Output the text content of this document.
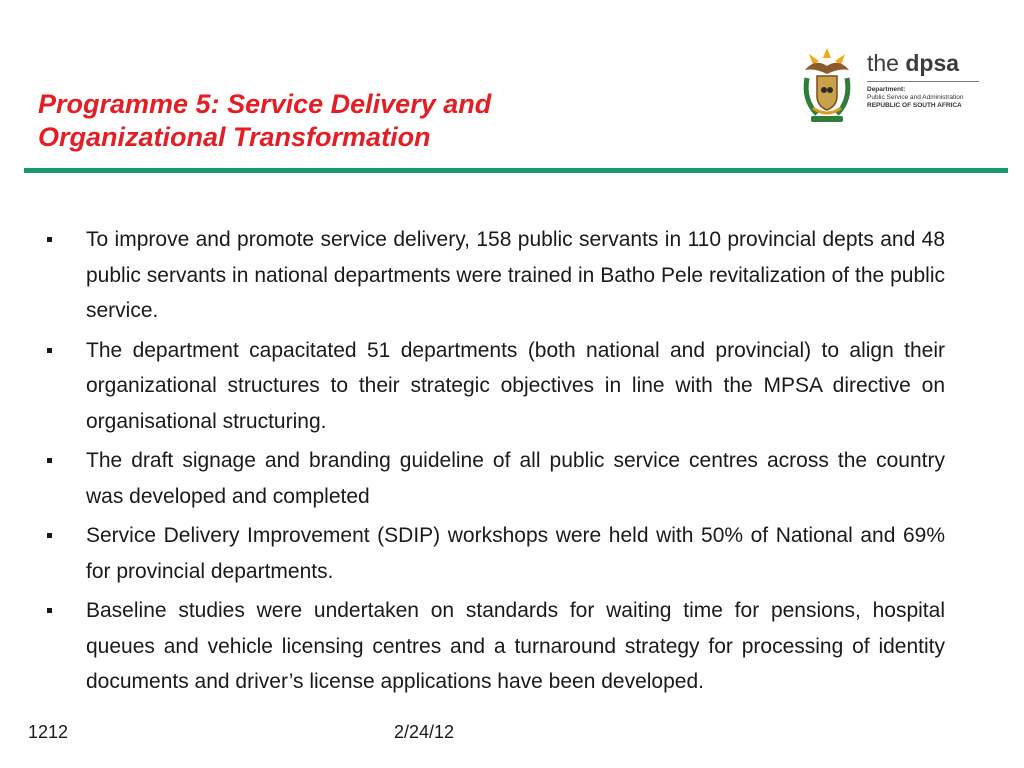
Programme 5: Service Delivery and
Organizational Transformation
the dpsa
Department:
Public Service and Administration
REPUBLIC OF SOUTH AFRICA
To improve and promote service delivery, 158 public servants in 110 provincial depts and 48 public servants in national departments were trained in Batho Pele revitalization of the public service.
The department capacitated 51 departments (both national and provincial) to align their organizational structures to their strategic objectives in line with the MPSA directive on organisational structuring.
The draft signage and branding guideline of all public service centres across the country was developed and completed
Service Delivery Improvement (SDIP) workshops were held with 50% of National and 69% for provincial departments.
Baseline studies were undertaken on standards for waiting time for pensions, hospital queues and vehicle licensing centres and a turnaround strategy for processing of identity documents and driver’s license applications have been developed.
1212	2/24/12
